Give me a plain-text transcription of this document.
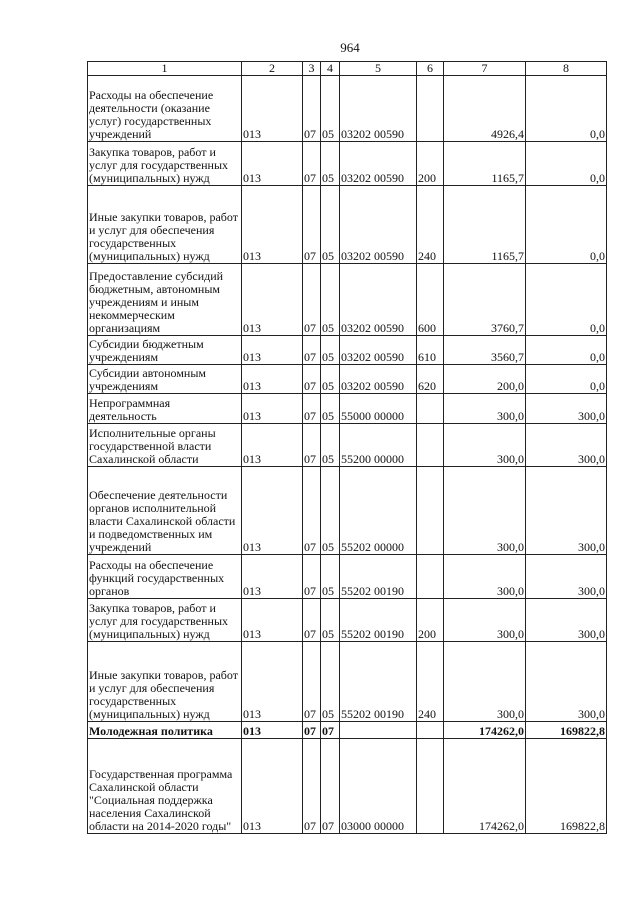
964
1	2	3	4	5	6	7	8
Расходы на обеспечение деятельности (оказание услуг) государственных учреждений	013	07	05	03202 00590		4926,4	0,0
Закупка товаров, работ и услуг для государственных (муниципальных) нужд	013	07	05	03202 00590	200	1165,7	0,0
Иные закупки товаров, работ и услуг для обеспечения государственных (муниципальных) нужд	013	07	05	03202 00590	240	1165,7	0,0
Предоставление субсидий бюджетным, автономным учреждениям и иным некоммерческим организациям	013	07	05	03202 00590	600	3760,7	0,0
Субсидии бюджетным учреждениям	013	07	05	03202 00590	610	3560,7	0,0
Субсидии автономным учреждениям	013	07	05	03202 00590	620	200,0	0,0
Непрограммная деятельность	013	07	05	55000 00000		300,0	300,0
Исполнительные органы государственной власти Сахалинской области	013	07	05	55200 00000		300,0	300,0
Обеспечение деятельности органов исполнительной власти Сахалинской области и подведомственных им учреждений	013	07	05	55202 00000		300,0	300,0
Расходы на обеспечение функций государственных органов	013	07	05	55202 00190		300,0	300,0
Закупка товаров, работ и услуг для государственных (муниципальных) нужд	013	07	05	55202 00190	200	300,0	300,0
Иные закупки товаров, работ и услуг для обеспечения государственных (муниципальных) нужд	013	07	05	55202 00190	240	300,0	300,0
Молодежная политика	013	07	07			174262,0	169822,8
Государственная программа Сахалинской области "Социальная поддержка населения Сахалинской области на 2014-2020 годы"	013	07	07	03000 00000		174262,0	169822,8
